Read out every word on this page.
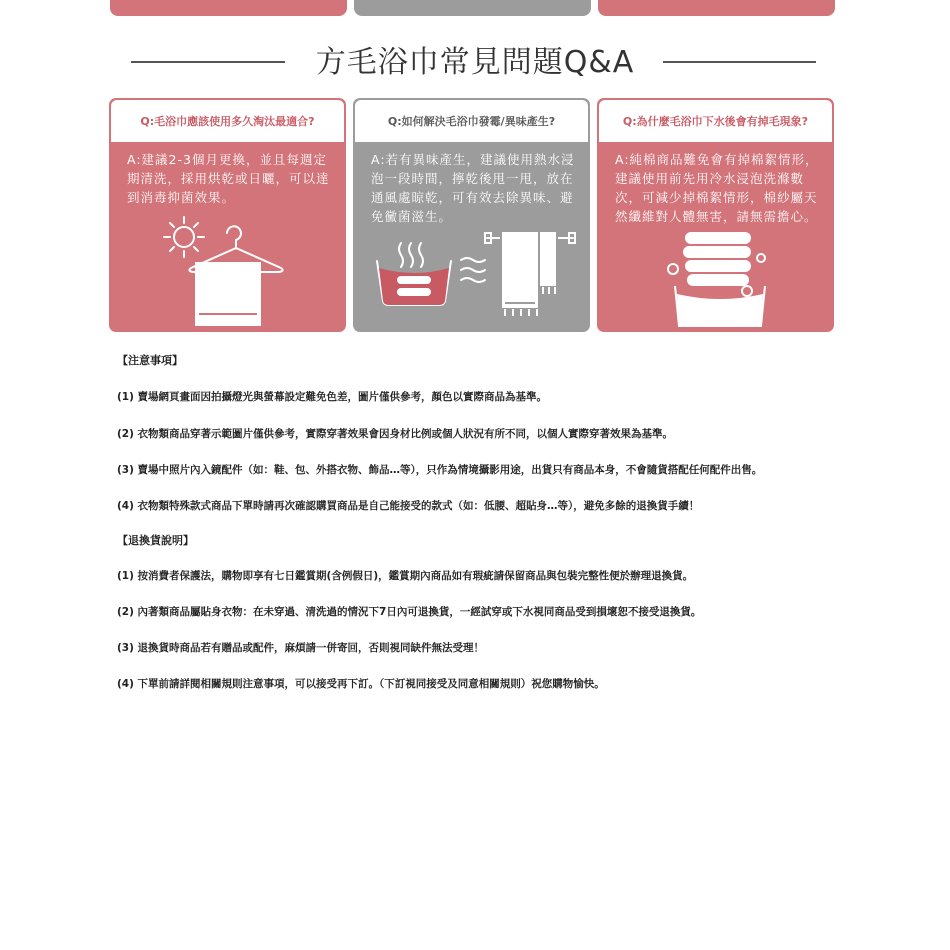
方毛浴巾常見問題Q&A
Q:毛浴巾應該使用多久淘汰最適合?
A:建議2-3個月更換，並且每週定期清洗，採用烘乾或日曬，可以達到消毒抑菌效果。
Q:如何解決毛浴巾發霉/異味產生?
A:若有異味產生，建議使用熱水浸泡一段時間，擰乾後甩一甩，放在通風處晾乾，可有效去除異味、避免黴菌滋生。
Q:為什麼毛浴巾下水後會有掉毛現象?
A:純棉商品難免會有掉棉絮情形，建議使用前先用冷水浸泡洗滌數次，可減少掉棉絮情形，棉紗屬天然纖維對人體無害，請無需擔心。
【注意事項】
(1) 賣場網頁畫面因拍攝燈光與螢幕設定難免色差，圖片僅供參考，顏色以實際商品為基準。
(2) 衣物類商品穿著示範圖片僅供參考，實際穿著效果會因身材比例或個人狀況有所不同，以個人實際穿著效果為基準。
(3) 賣場中照片內入鏡配件（如：鞋、包、外搭衣物、飾品…等），只作為情境攝影用途，出貨只有商品本身，不會隨貨搭配任何配件出售。
(4) 衣物類特殊款式商品下單時請再次確認購買商品是自己能接受的款式（如：低腰、超貼身…等），避免多餘的退換貨手續！
【退換貨說明】
(1) 按消費者保護法，購物即享有七日鑑賞期(含例假日)，鑑賞期內商品如有瑕疵請保留商品與包裝完整性便於辦理退換貨。
(2) 內著類商品屬貼身衣物：在未穿過、清洗過的情況下7日內可退換貨，一經試穿或下水視同商品受到損壞恕不接受退換貨。
(3) 退換貨時商品若有贈品或配件，麻煩請一併寄回，否則視同缺件無法受理！
(4) 下單前請詳閱相關規則注意事項，可以接受再下訂。（下訂視同接受及同意相關規則）祝您購物愉快。
